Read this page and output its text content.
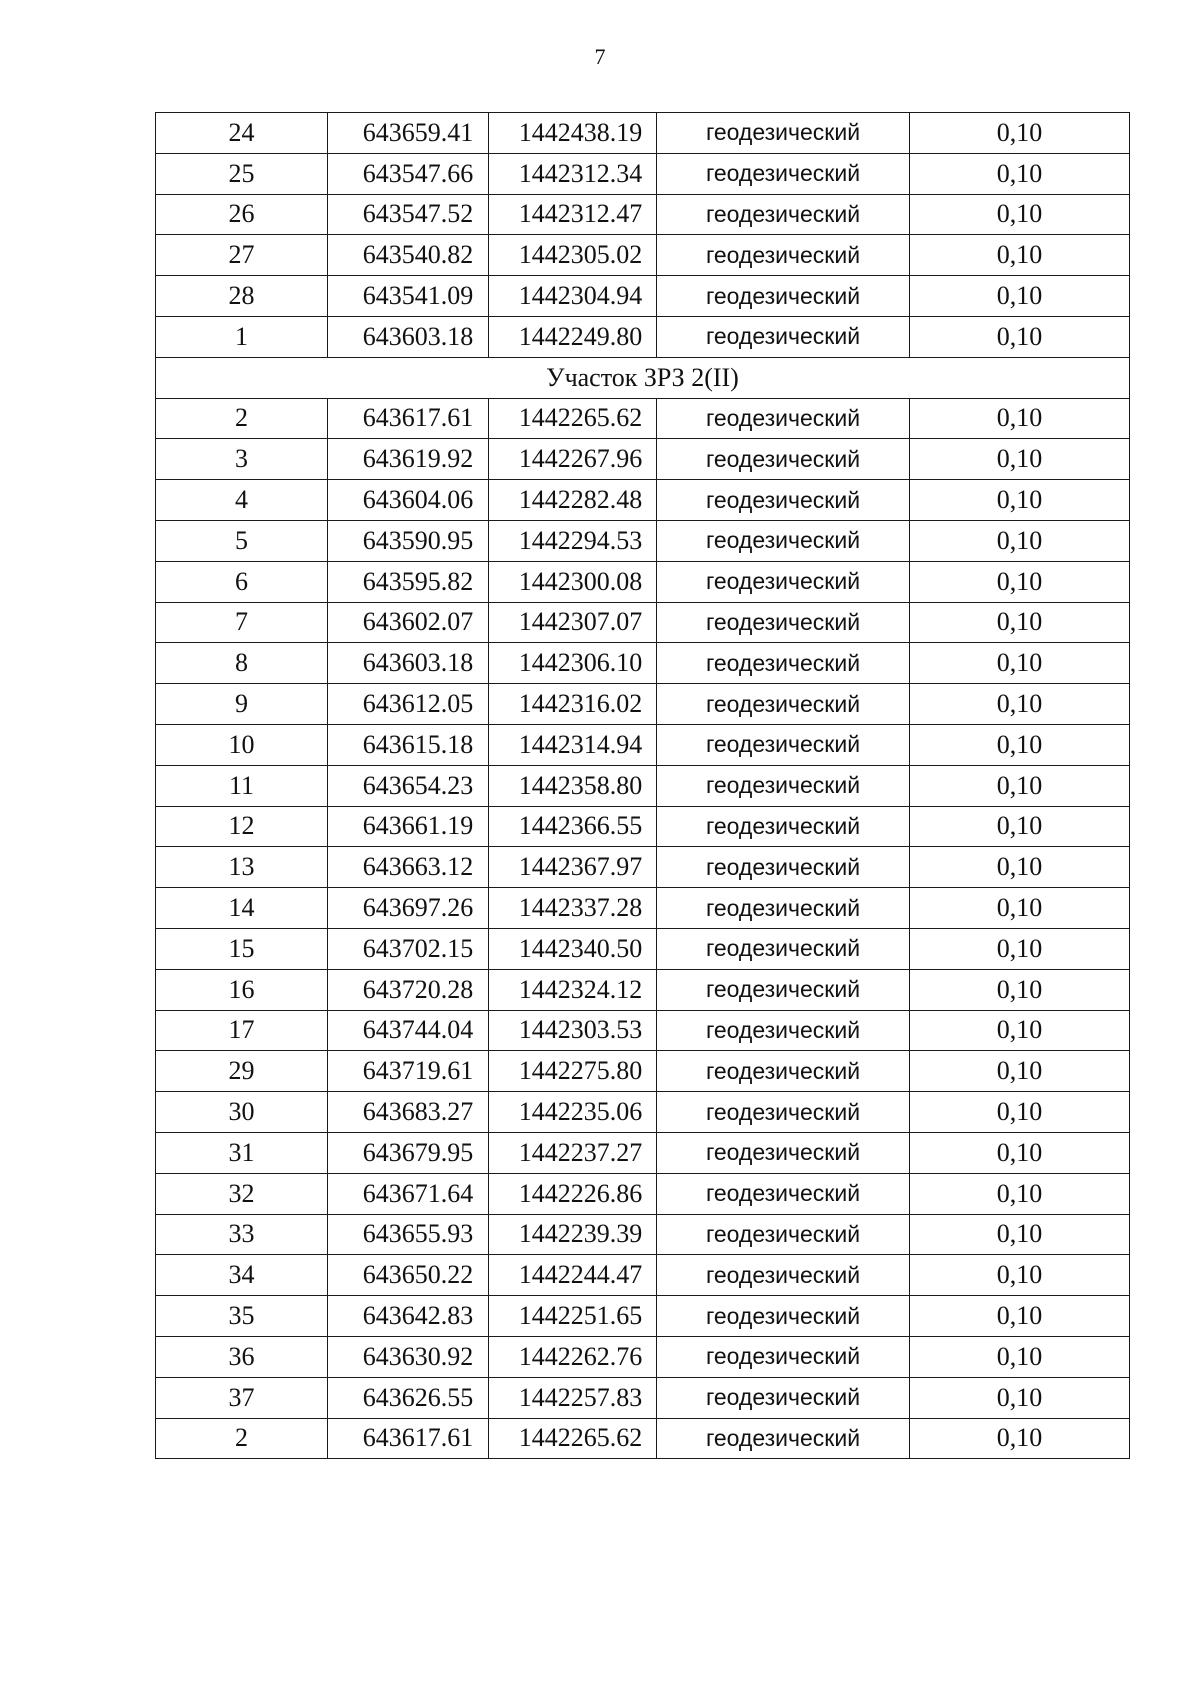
7
24	643659.41	1442438.19	геодезический	0,10
25	643547.66	1442312.34	геодезический	0,10
26	643547.52	1442312.47	геодезический	0,10
27	643540.82	1442305.02	геодезический	0,10
28	643541.09	1442304.94	геодезический	0,10
1	643603.18	1442249.80	геодезический	0,10
Участок ЗРЗ 2(II)				
2	643617.61	1442265.62	геодезический	0,10
3	643619.92	1442267.96	геодезический	0,10
4	643604.06	1442282.48	геодезический	0,10
5	643590.95	1442294.53	геодезический	0,10
6	643595.82	1442300.08	геодезический	0,10
7	643602.07	1442307.07	геодезический	0,10
8	643603.18	1442306.10	геодезический	0,10
9	643612.05	1442316.02	геодезический	0,10
10	643615.18	1442314.94	геодезический	0,10
11	643654.23	1442358.80	геодезический	0,10
12	643661.19	1442366.55	геодезический	0,10
13	643663.12	1442367.97	геодезический	0,10
14	643697.26	1442337.28	геодезический	0,10
15	643702.15	1442340.50	геодезический	0,10
16	643720.28	1442324.12	геодезический	0,10
17	643744.04	1442303.53	геодезический	0,10
29	643719.61	1442275.80	геодезический	0,10
30	643683.27	1442235.06	геодезический	0,10
31	643679.95	1442237.27	геодезический	0,10
32	643671.64	1442226.86	геодезический	0,10
33	643655.93	1442239.39	геодезический	0,10
34	643650.22	1442244.47	геодезический	0,10
35	643642.83	1442251.65	геодезический	0,10
36	643630.92	1442262.76	геодезический	0,10
37	643626.55	1442257.83	геодезический	0,10
2	643617.61	1442265.62	геодезический	0,10
